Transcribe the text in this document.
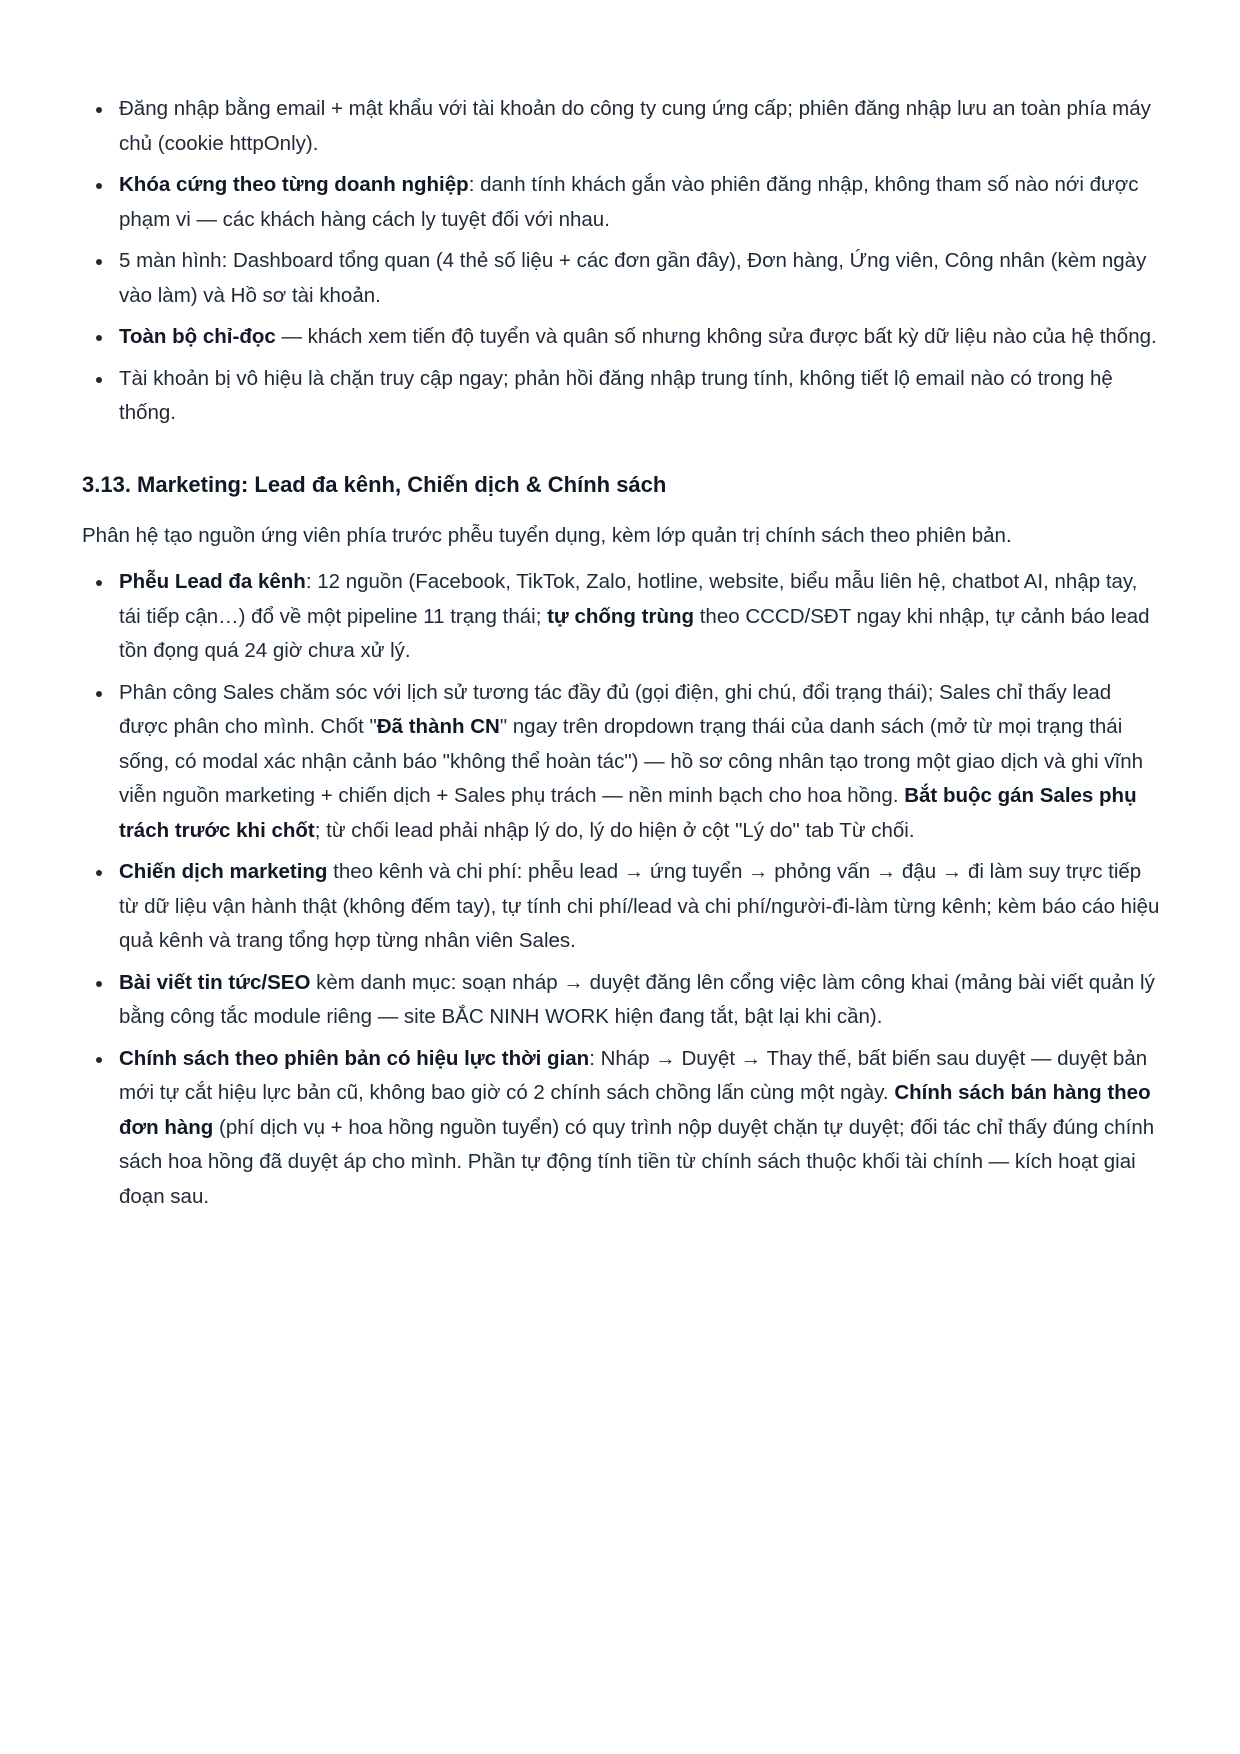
Đăng nhập bằng email + mật khẩu với tài khoản do công ty cung ứng cấp; phiên đăng nhập lưu an toàn phía máy chủ (cookie httpOnly).
Khóa cứng theo từng doanh nghiệp: danh tính khách gắn vào phiên đăng nhập, không tham số nào nới được phạm vi — các khách hàng cách ly tuyệt đối với nhau.
5 màn hình: Dashboard tổng quan (4 thẻ số liệu + các đơn gần đây), Đơn hàng, Ứng viên, Công nhân (kèm ngày vào làm) và Hồ sơ tài khoản.
Toàn bộ chỉ-đọc — khách xem tiến độ tuyển và quân số nhưng không sửa được bất kỳ dữ liệu nào của hệ thống.
Tài khoản bị vô hiệu là chặn truy cập ngay; phản hồi đăng nhập trung tính, không tiết lộ email nào có trong hệ thống.
3.13. Marketing: Lead đa kênh, Chiến dịch & Chính sách

Phân hệ tạo nguồn ứng viên phía trước phễu tuyển dụng, kèm lớp quản trị chính sách theo phiên bản.

Phễu Lead đa kênh: 12 nguồn (Facebook, TikTok, Zalo, hotline, website, biểu mẫu liên hệ, chatbot AI, nhập tay, tái tiếp cận…) đổ về một pipeline 11 trạng thái; tự chống trùng theo CCCD/SĐT ngay khi nhập, tự cảnh báo lead tồn đọng quá 24 giờ chưa xử lý.
Phân công Sales chăm sóc với lịch sử tương tác đầy đủ (gọi điện, ghi chú, đổi trạng thái); Sales chỉ thấy lead được phân cho mình. Chốt "Đã thành CN" ngay trên dropdown trạng thái của danh sách (mở từ mọi trạng thái sống, có modal xác nhận cảnh báo "không thể hoàn tác") — hồ sơ công nhân tạo trong một giao dịch và ghi vĩnh viễn nguồn marketing + chiến dịch + Sales phụ trách — nền minh bạch cho hoa hồng. Bắt buộc gán Sales phụ trách trước khi chốt; từ chối lead phải nhập lý do, lý do hiện ở cột "Lý do" tab Từ chối.
Chiến dịch marketing theo kênh và chi phí: phễu lead → ứng tuyển → phỏng vấn → đậu → đi làm suy trực tiếp từ dữ liệu vận hành thật (không đếm tay), tự tính chi phí/lead và chi phí/người-đi-làm từng kênh; kèm báo cáo hiệu quả kênh và trang tổng hợp từng nhân viên Sales.
Bài viết tin tức/SEO kèm danh mục: soạn nháp → duyệt đăng lên cổng việc làm công khai (mảng bài viết quản lý bằng công tắc module riêng — site BẮC NINH WORK hiện đang tắt, bật lại khi cần).
Chính sách theo phiên bản có hiệu lực thời gian: Nháp → Duyệt → Thay thế, bất biến sau duyệt — duyệt bản mới tự cắt hiệu lực bản cũ, không bao giờ có 2 chính sách chồng lấn cùng một ngày. Chính sách bán hàng theo đơn hàng (phí dịch vụ + hoa hồng nguồn tuyển) có quy trình nộp duyệt chặn tự duyệt; đối tác chỉ thấy đúng chính sách hoa hồng đã duyệt áp cho mình. Phần tự động tính tiền từ chính sách thuộc khối tài chính — kích hoạt giai đoạn sau.
